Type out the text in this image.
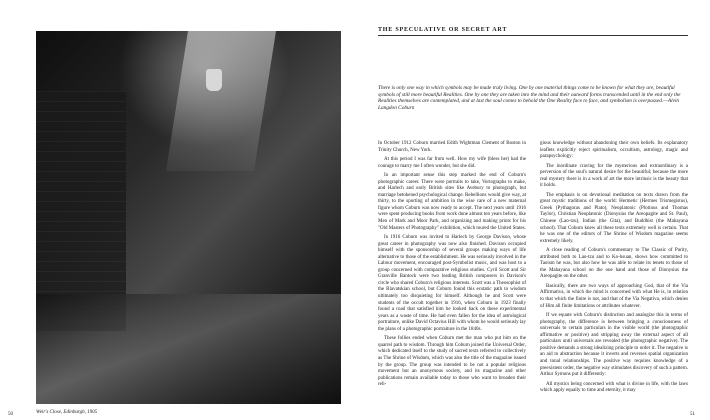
Weir's Close, Edinburgh, 1905
50
THE SPECULATIVE OR SECRET ART
There is only one way in which symbols may be made truly living. One by one material things come to be known for what they are, beautiful symbols of still more beautiful Realities. One by one they are taken into the mind and their outward forms transcended until in the end only the Realities themselves are contemplated, and at last the soul comes to behold the One Reality face to face, and symbolism is overpassed.—Alvin Langdon Coburn

In October 1912 Coburn married Edith Wightman Clement of Boston in Trinity Church, New York.

At this period I was far from well. How my wife (bless her) had the courage to marry me I often wonder, but she did.

In an important sense this step marked the end of Coburn's photographic career. There were portraits to take, Vortographs to make, and Harlech and early British sites like Avebury to photograph, but marriage betokened psychological change. Rebellions would give way, at thirty, to the sporting of ambition in the wise care of a new maternal figure whom Coburn was now ready to accept. The next years until 1916 were spent producing books from work done almost ten years before, like Men of Mark and Moor Park, and organizing and making prints for his "Old Masters of Photography" exhibition, which toured the United States.

In 1916 Coburn was invited to Harlech by George Davison, whose great career in photography was now also finished. Davison occupied himself with the sponsorship of several groups making ways of life alternative to those of the establishment. He was seriously involved in the Labour movement, encouraged post-Symbolist music, and was host to a group concerned with comparative religious studies. Cyril Scott and Sir Granville Bantock were two leading British composers in Davison's circle who shared Coburn's religious interests. Scott was a Theosophist of the Blavatskian school, but Coburn found this ecstatic path to wisdom ultimately too disquieting for himself. Although he and Scott were students of the occult together in 1916, when Coburn in 1923 finally found a road that satisfied him he looked back on these experimental years as a waste of time. He had even fallen for the idea of astrological portraiture, unlike David Octavius Hill with whom he would seriously lay the plans of a photographic portraiture in the 1840s.

These follies ended when Coburn met the man who put him on the quarrel path to wisdom. Through him Coburn joined the Universal Order, which dedicated itself to the study of sacred texts referred to collectively as The Shrine of Wisdom, which was also the title of the magazine issued by the group. The group was intended to be not a popular religious movement but an anonymous society, and its magazine and other publications remain available today to those who want to broaden their reli-

gious knowledge without abandoning their own beliefs. Its explanatory leaflets explicitly reject spiritualism, occultism, astrology, magic and parapsychology:

The inordinate craving for the mysterious and extraordinary is a perversion of the soul's natural desire for the beautiful; because the more real mystery there is in a work of art the more intrinsic is the beauty that it holds.

The emphasis is on devotional meditation on texts drawn from the great mystic traditions of the world: Hermetic (Hermes Trismegistus), Greek (Pythagoras and Plato), Neoplatonic (Plotinus and Thomas Taylor), Christian Neoplatonic (Dionysius the Areopagite and St. Paul), Chinese (Lao-tzu), Indian (the Gita), and Buddhist (the Mahayana school). That Coburn knew all these texts extremely well is certain. That he was one of the editors of The Shrine of Wisdom magazine seems extremely likely.

A close reading of Coburn's commentary to The Classic of Purity, attributed both to Lao-tzu and to Ko-hsuan, shows how committed to Taoism he was, but also how he was able to relate its tenets to those of the Mahayana school on the one hand and those of Dionysius the Areopagite on the other.

Basically, there are two ways of approaching God, that of the Via Affirmativa, in which the mind is concerned with what He is, in relation to that which the finite is not, and that of the Via Negativa, which denies of Him all finite limitations or attributes whatever.

If we equate with Coburn's distinction and analogize this in terms of photography, the difference is between bringing a consciousness of universals to certain particulars in the visible world (the photographic affirmative or positive) and stripping away the external aspect of all particulars until universals are revealed (the photographic negative). The positive demands a strong idealizing principle to order it. The negative is an aid to abstraction because it inverts and reverses spatial organization and tonal relationships. The positive way requires knowledge of a preexistent order, the negative way stimulates discovery of such a pattern. Arthur Symons put it differently:

All mystics being concerned with what is divine in life, with the laws which apply equally to time and eternity, it may

51
